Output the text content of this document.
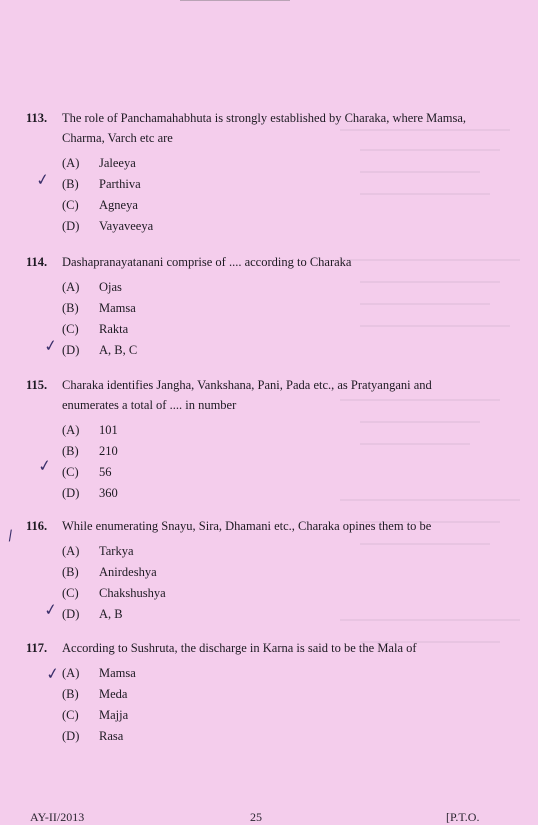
113.	The role of Panchamahabhuta is strongly established by Charaka, where Mamsa, Charma, Varch etc are
(A)	Jaleeya
(B)	Parthiva
(C)	Agneya
(D)	Vayaveeya
✓
114.	Dashapranayatanani comprise of .... according to Charaka
(A)	Ojas
(B)	Mamsa
(C)	Rakta
(D)	A, B, C
✓
115.	Charaka identifies Jangha, Vankshana, Pani, Pada etc., as Pratyangani and enumerates a total of .... in number
(A)	101
(B)	210
(C)	56
(D)	360
✓
116.	While enumerating Snayu, Sira, Dhamani etc., Charaka opines them to be
(A)	Tarkya
(B)	Anirdeshya
(C)	Chakshushya
(D)	A, B
/
✓
117.	According to Sushruta, the discharge in Karna is said to be the Mala of
(A)	Mamsa
(B)	Meda
(C)	Majja
(D)	Rasa
✓
AY-II/2013	25	[P.T.O.
